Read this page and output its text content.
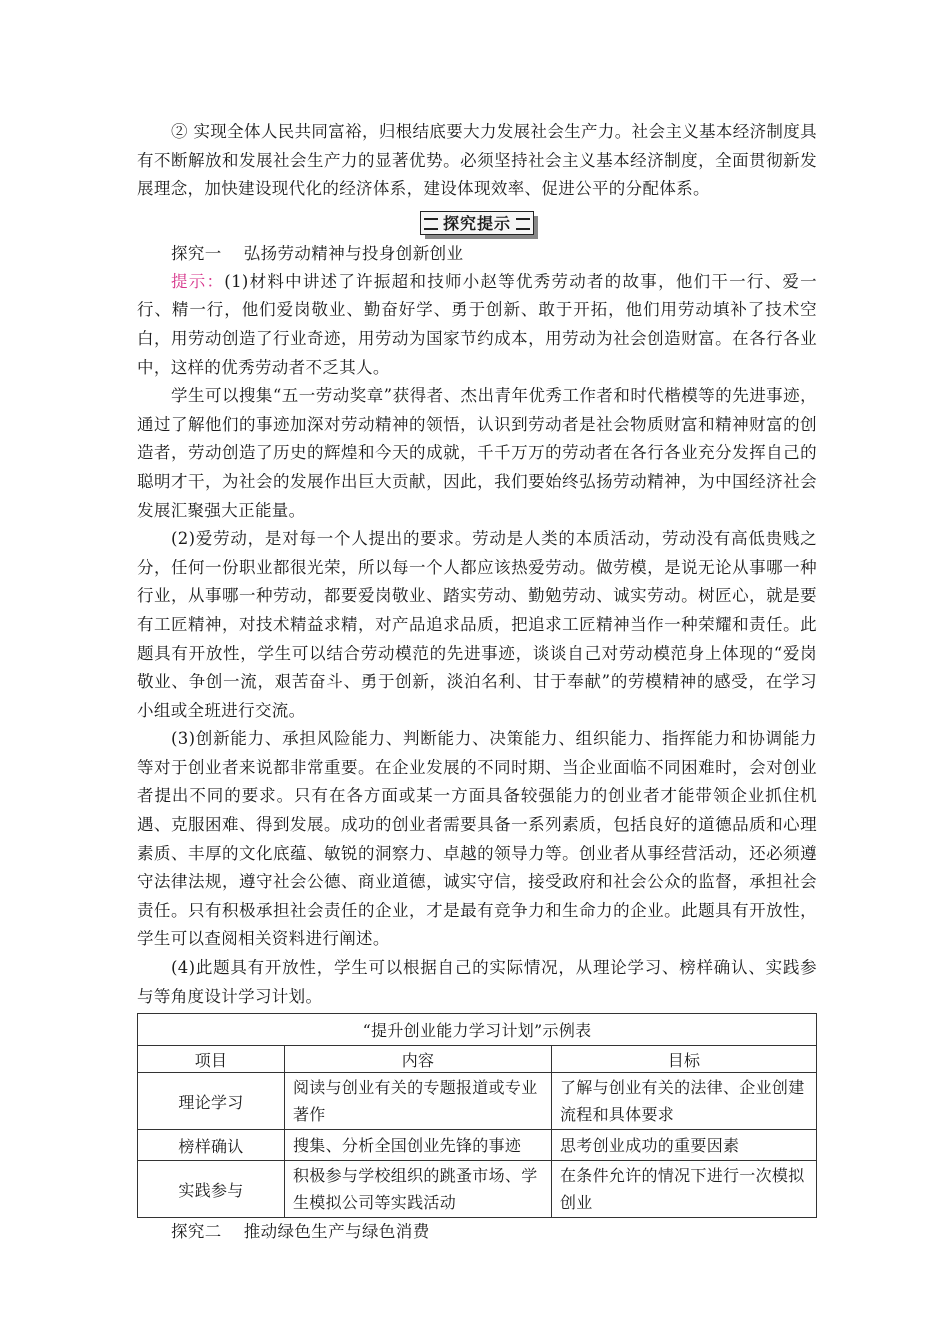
② 实现全体人民共同富裕，归根结底要大力发展社会生产力。社会主义基本经济制度具有不断解放和发展社会生产力的显著优势。必须坚持社会主义基本经济制度，全面贯彻新发展理念，加快建设现代化的经济体系，建设体现效率、促进公平的分配体系。

探究提示
探究一 弘扬劳动精神与投身创新创业

提示：(1)材料中讲述了许振超和技师小赵等优秀劳动者的故事，他们干一行、爱一行、精一行，他们爱岗敬业、勤奋好学、勇于创新、敢于开拓，他们用劳动填补了技术空白，用劳动创造了行业奇迹，用劳动为国家节约成本，用劳动为社会创造财富。在各行各业中，这样的优秀劳动者不乏其人。

学生可以搜集“五一劳动奖章”获得者、杰出青年优秀工作者和时代楷模等的先进事迹，通过了解他们的事迹加深对劳动精神的领悟，认识到劳动者是社会物质财富和精神财富的创造者，劳动创造了历史的辉煌和今天的成就，千千万万的劳动者在各行各业充分发挥自己的聪明才干，为社会的发展作出巨大贡献，因此，我们要始终弘扬劳动精神，为中国经济社会发展汇聚强大正能量。

(2)爱劳动，是对每一个人提出的要求。劳动是人类的本质活动，劳动没有高低贵贱之分，任何一份职业都很光荣，所以每一个人都应该热爱劳动。做劳模，是说无论从事哪一种行业，从事哪一种劳动，都要爱岗敬业、踏实劳动、勤勉劳动、诚实劳动。树匠心，就是要有工匠精神，对技术精益求精，对产品追求品质，把追求工匠精神当作一种荣耀和责任。此题具有开放性，学生可以结合劳动模范的先进事迹，谈谈自己对劳动模范身上体现的“爱岗敬业、争创一流，艰苦奋斗、勇于创新，淡泊名利、甘于奉献”的劳模精神的感受，在学习小组或全班进行交流。

(3)创新能力、承担风险能力、判断能力、决策能力、组织能力、指挥能力和协调能力等对于创业者来说都非常重要。在企业发展的不同时期、当企业面临不同困难时，会对创业者提出不同的要求。只有在各方面或某一方面具备较强能力的创业者才能带领企业抓住机遇、克服困难、得到发展。成功的创业者需要具备一系列素质，包括良好的道德品质和心理素质、丰厚的文化底蕴、敏锐的洞察力、卓越的领导力等。创业者从事经营活动，还必须遵守法律法规，遵守社会公德、商业道德，诚实守信，接受政府和社会公众的监督，承担社会责任。只有积极承担社会责任的企业，才是最有竞争力和生命力的企业。此题具有开放性，学生可以查阅相关资料进行阐述。

(4)此题具有开放性，学生可以根据自己的实际情况，从理论学习、榜样确认、实践参与等角度设计学习计划。

“提升创业能力学习计划”示例表		
项目	内容	目标
理论学习	阅读与创业有关的专题报道或专业著作	了解与创业有关的法律、企业创建流程和具体要求
榜样确认	搜集、分析全国创业先锋的事迹	思考创业成功的重要因素
实践参与	积极参与学校组织的跳蚤市场、学生模拟公司等实践活动	在条件允许的情况下进行一次模拟创业
探究二 推动绿色生产与绿色消费
